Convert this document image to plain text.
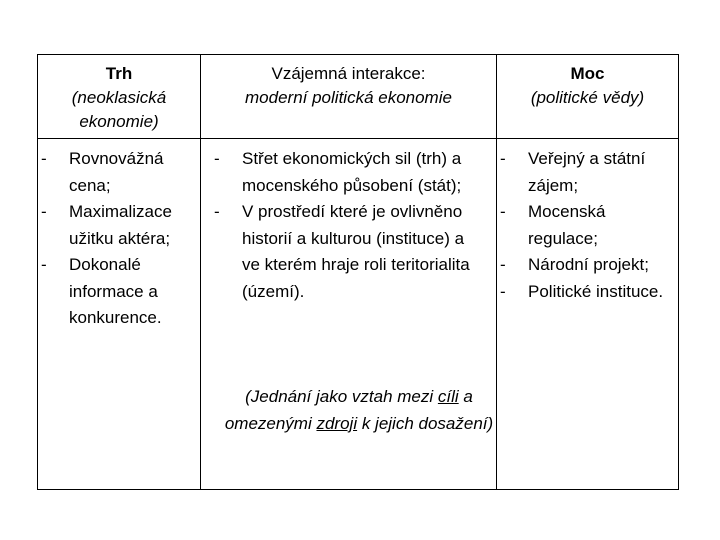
Trh
(neoklasická ekonomie)
Vzájemná interakce:
moderní politická ekonomie
Moc
(politické vědy)
- Rovnovážná cena;
- Maximalizace užitku aktéra;
- Dokonalé informace a konkurence.
- Střet ekonomických sil (trh) a mocenského působení (stát);
- V prostředí které je ovlivněno historií a kulturou (instituce) a ve kterém hraje roli teritorialita (území).
- Veřejný a státní zájem;
- Mocenská regulace;
- Národní projekt;
- Politické instituce.
(Jednání jako vztah mezi cíli a omezenými zdroji k jejich dosažení)
